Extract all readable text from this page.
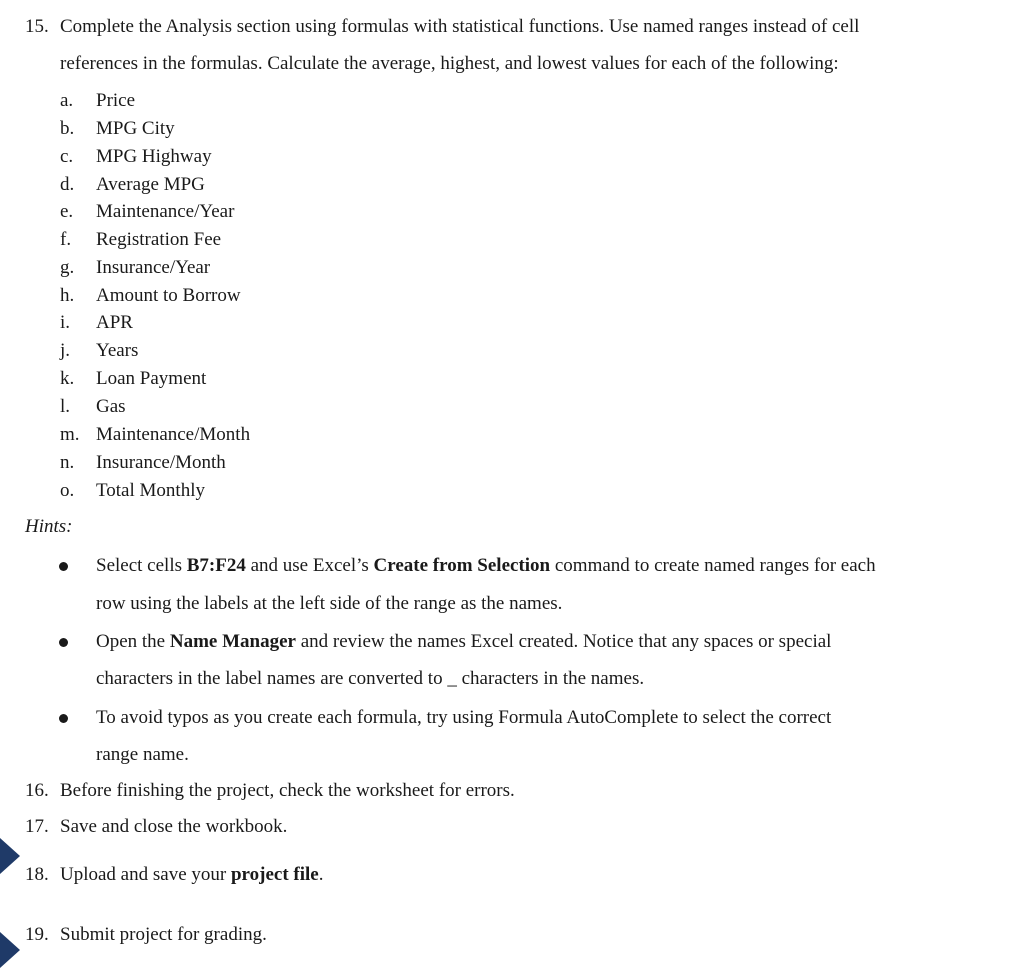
15. Complete the Analysis section using formulas with statistical functions. Use named ranges instead of cell
references in the formulas. Calculate the average, highest, and lowest values for each of the following:
a. Price
b. MPG City
c. MPG Highway
d. Average MPG
e. Maintenance/Year
f. Registration Fee
g. Insurance/Year
h. Amount to Borrow
i. APR
j. Years
k. Loan Payment
l. Gas
m. Maintenance/Month
n. Insurance/Month
o. Total Monthly
Hints:
Select cells B7:F24 and use Excel’s Create from Selection command to create named ranges for each
row using the labels at the left side of the range as the names.
Open the Name Manager and review the names Excel created. Notice that any spaces or special
characters in the label names are converted to _ characters in the names.
To avoid typos as you create each formula, try using Formula AutoComplete to select the correct
range name.
16. Before finishing the project, check the worksheet for errors.
17. Save and close the workbook.
18. Upload and save your project file.
19. Submit project for grading.
